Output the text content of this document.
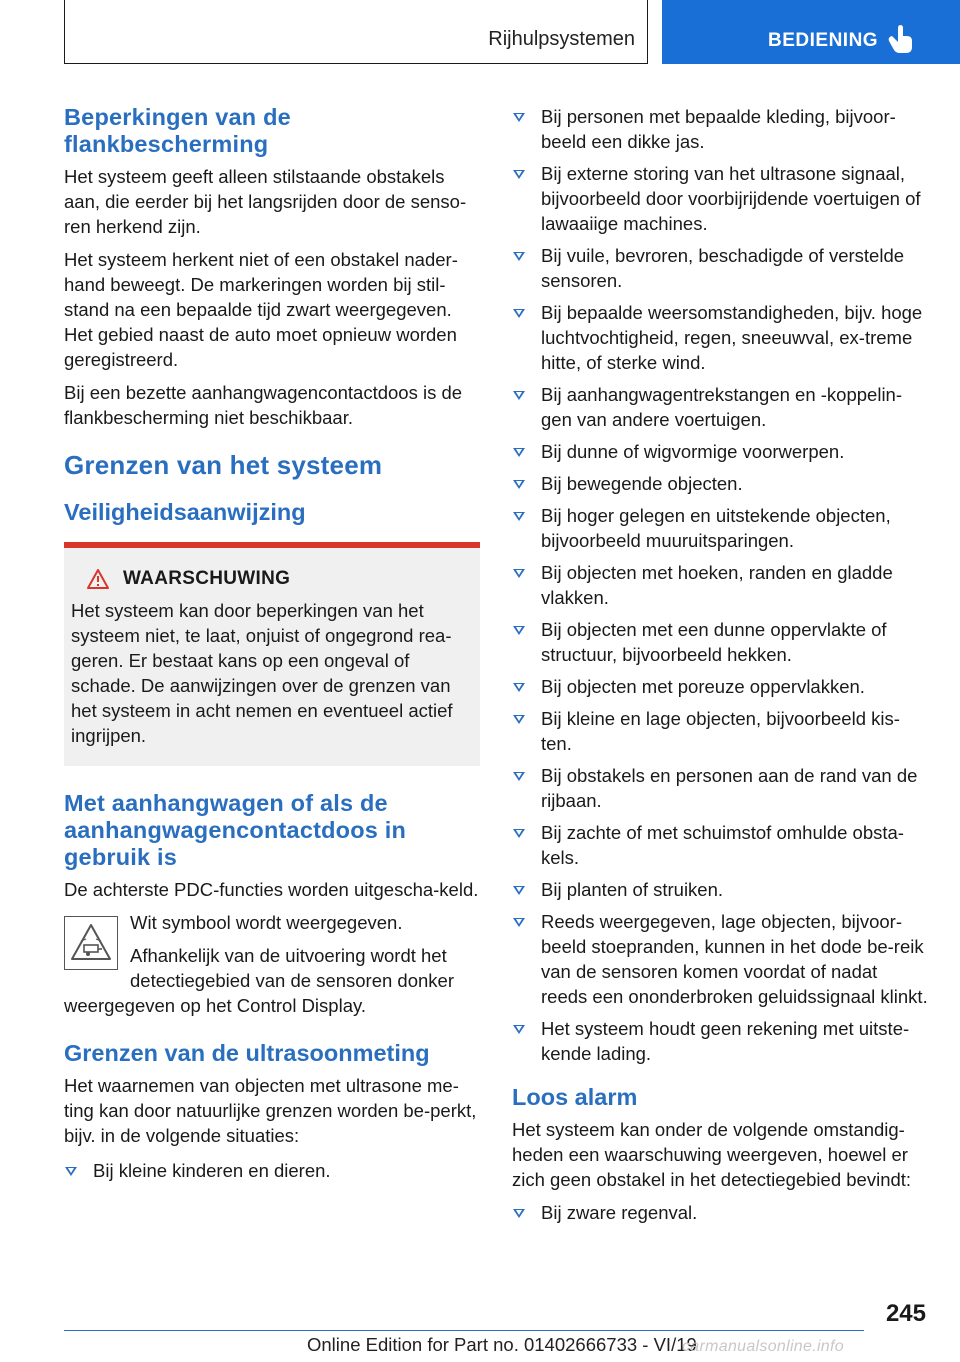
Rijhulpsystemen	BEDIENING
Beperkingen van de flankbescherming

Het systeem geeft alleen stilstaande obstakels aan, die eerder bij het langsrijden door de senso-ren herkend zijn.

Het systeem herkent niet of een obstakel nader-hand beweegt. De markeringen worden bij stil-stand na een bepaalde tijd zwart weergegeven. Het gebied naast de auto moet opnieuw worden geregistreerd.

Bij een bezette aanhangwagencontactdoos is de flankbescherming niet beschikbaar.

Grenzen van het systeem
Veiligheidsaanwijzing
WAARSCHUWING

Het systeem kan door beperkingen van het systeem niet, te laat, onjuist of ongegrond rea-geren. Er bestaat kans op een ongeval of schade. De aanwijzingen over de grenzen van het systeem in acht nemen en eventueel actief ingrijpen.

Met aanhangwagen of als de aanhangwagencontactdoos in gebruik is

De achterste PDC-functies worden uitgescha-keld.

Wit symbool wordt weergegeven.

Afhankelijk van de uitvoering wordt het detectiegebied van de sensoren donker weergegeven op het Control Display.

Grenzen van de ultrasoonmeting

Het waarnemen van objecten met ultrasone me-ting kan door natuurlijke grenzen worden be-perkt, bijv. in de volgende situaties:

Bij kleine kinderen en dieren.
Bij personen met bepaalde kleding, bijvoor-beeld een dikke jas.
Bij externe storing van het ultrasone signaal, bijvoorbeeld door voorbijrijdende voertuigen of lawaaiige machines.
Bij vuile, bevroren, beschadigde of verstelde sensoren.
Bij bepaalde weersomstandigheden, bijv. hoge luchtvochtigheid, regen, sneeuwval, ex-treme hitte, of sterke wind.
Bij aanhangwagentrekstangen en -koppelin-gen van andere voertuigen.
Bij dunne of wigvormige voorwerpen.
Bij bewegende objecten.
Bij hoger gelegen en uitstekende objecten, bijvoorbeeld muuruitsparingen.
Bij objecten met hoeken, randen en gladde vlakken.
Bij objecten met een dunne oppervlakte of structuur, bijvoorbeeld hekken.
Bij objecten met poreuze oppervlakken.
Bij kleine en lage objecten, bijvoorbeeld kis-ten.
Bij obstakels en personen aan de rand van de rijbaan.
Bij zachte of met schuimstof omhulde obsta-kels.
Bij planten of struiken.
Reeds weergegeven, lage objecten, bijvoor-beeld stoepranden, kunnen in het dode be-reik van de sensoren komen voordat of nadat reeds een ononderbroken geluidssignaal klinkt.
Het systeem houdt geen rekening met uitste-kende lading.
Loos alarm

Het systeem kan onder de volgende omstandig-heden een waarschuwing weergeven, hoewel er zich geen obstakel in het detectiegebied bevindt:

Bij zware regenval.
245
Online Edition for Part no. 01402666733 - VI/19
carmanualsonline.info
